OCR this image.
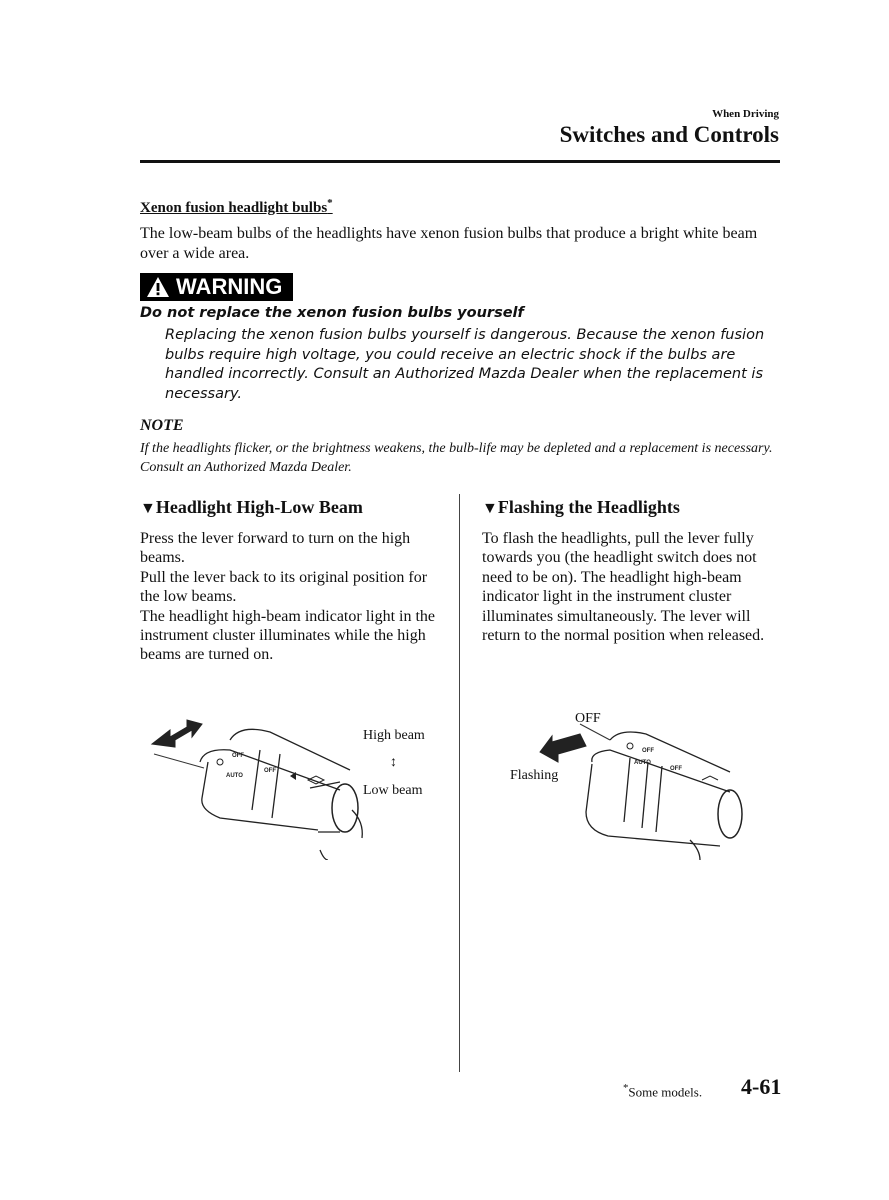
When Driving
Switches and Controls
Xenon fusion headlight bulbs*
The low-beam bulbs of the headlights have xenon fusion bulbs that produce a bright white beam over a wide area.
WARNING
Do not replace the xenon fusion bulbs yourself
Replacing the xenon fusion bulbs yourself is dangerous. Because the xenon fusion bulbs require high voltage, you could receive an electric shock if the bulbs are handled incorrectly. Consult an Authorized Mazda Dealer when the replacement is necessary.
NOTE
If the headlights flicker, or the brightness weakens, the bulb-life may be depleted and a replacement is necessary. Consult an Authorized Mazda Dealer.
▼Headlight High-Low Beam
Press the lever forward to turn on the high beams.
Pull the lever back to its original position for the low beams.
The headlight high-beam indicator light in the instrument cluster illuminates while the high beams are turned on.
OFF
AUTO
OFF
High beam
↕
Low beam
▼Flashing the Headlights
To flash the headlights, pull the lever fully towards you (the headlight switch does not need to be on). The headlight high-beam indicator light in the instrument cluster illuminates simultaneously. The lever will return to the normal position when released.
OFF
AUTO
OFF
OFF
Flashing
*Some models. 4-61
